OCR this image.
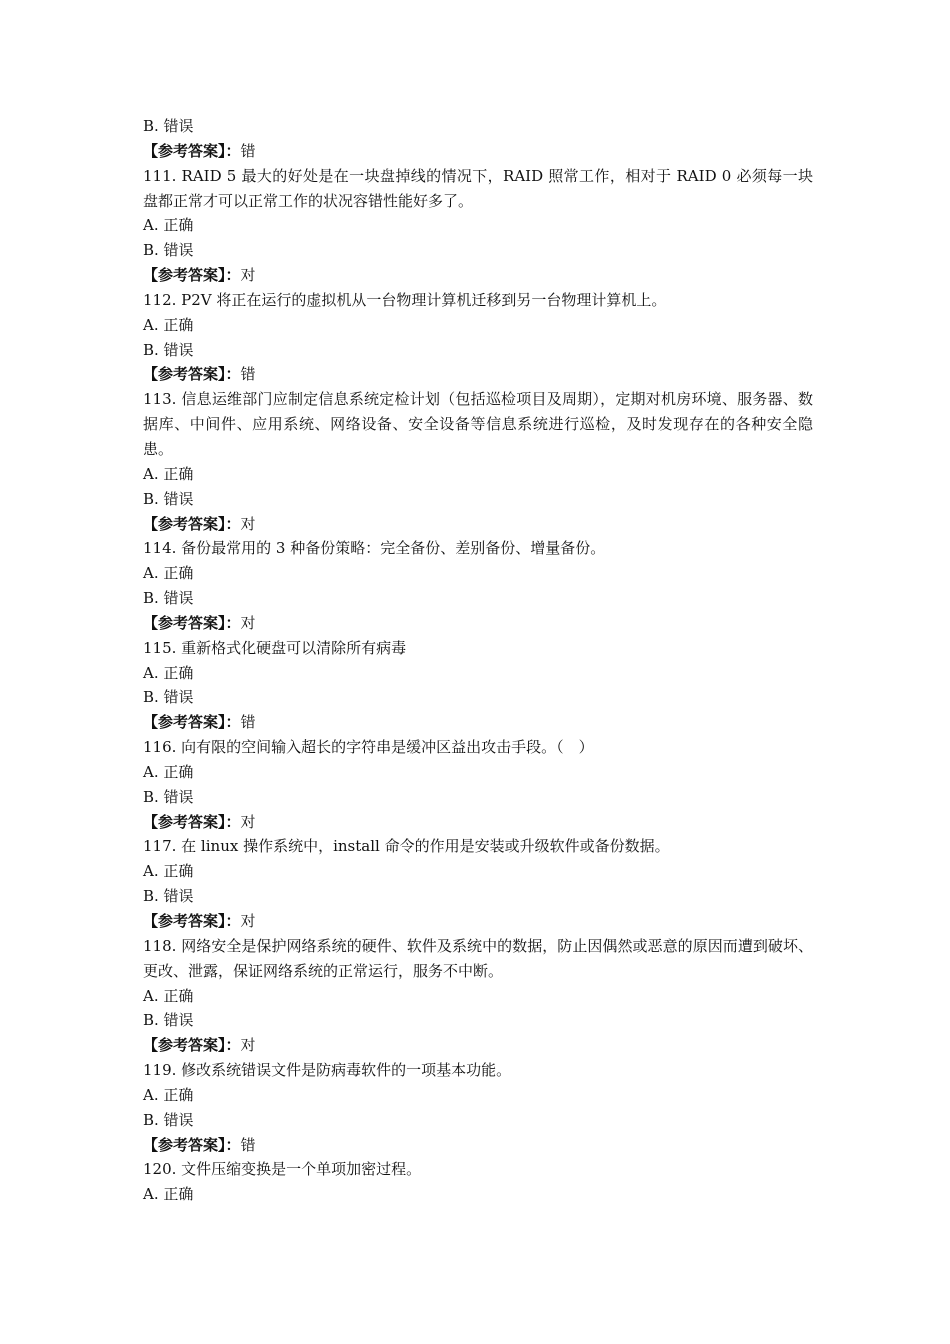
B. 错误
【参考答案】：错
111. RAID 5 最大的好处是在一块盘掉线的情况下，RAID 照常工作，相对于 RAID 0 必须每一块盘都正常才可以正常工作的状况容错性能好多了。
A. 正确
B. 错误
【参考答案】：对
112. P2V 将正在运行的虚拟机从一台物理计算机迁移到另一台物理计算机上。
A. 正确
B. 错误
【参考答案】：错
113. 信息运维部门应制定信息系统定检计划（包括巡检项目及周期），定期对机房环境、服务器、数据库、中间件、应用系统、网络设备、安全设备等信息系统进行巡检，及时发现存在的各种安全隐患。
A. 正确
B. 错误
【参考答案】：对
114. 备份最常用的 3 种备份策略：完全备份、差别备份、增量备份。
A. 正确
B. 错误
【参考答案】：对
115. 重新格式化硬盘可以清除所有病毒
A. 正确
B. 错误
【参考答案】：错
116. 向有限的空间输入超长的字符串是缓冲区益出攻击手段。（　）
A. 正确
B. 错误
【参考答案】：对
117. 在 linux 操作系统中，install 命令的作用是安装或升级软件或备份数据。
A. 正确
B. 错误
【参考答案】：对
118. 网络安全是保护网络系统的硬件、软件及系统中的数据，防止因偶然或恶意的原因而遭到破坏、更改、泄露，保证网络系统的正常运行，服务不中断。
A. 正确
B. 错误
【参考答案】：对
119. 修改系统错误文件是防病毒软件的一项基本功能。
A. 正确
B. 错误
【参考答案】：错
120. 文件压缩变换是一个单项加密过程。
A. 正确
